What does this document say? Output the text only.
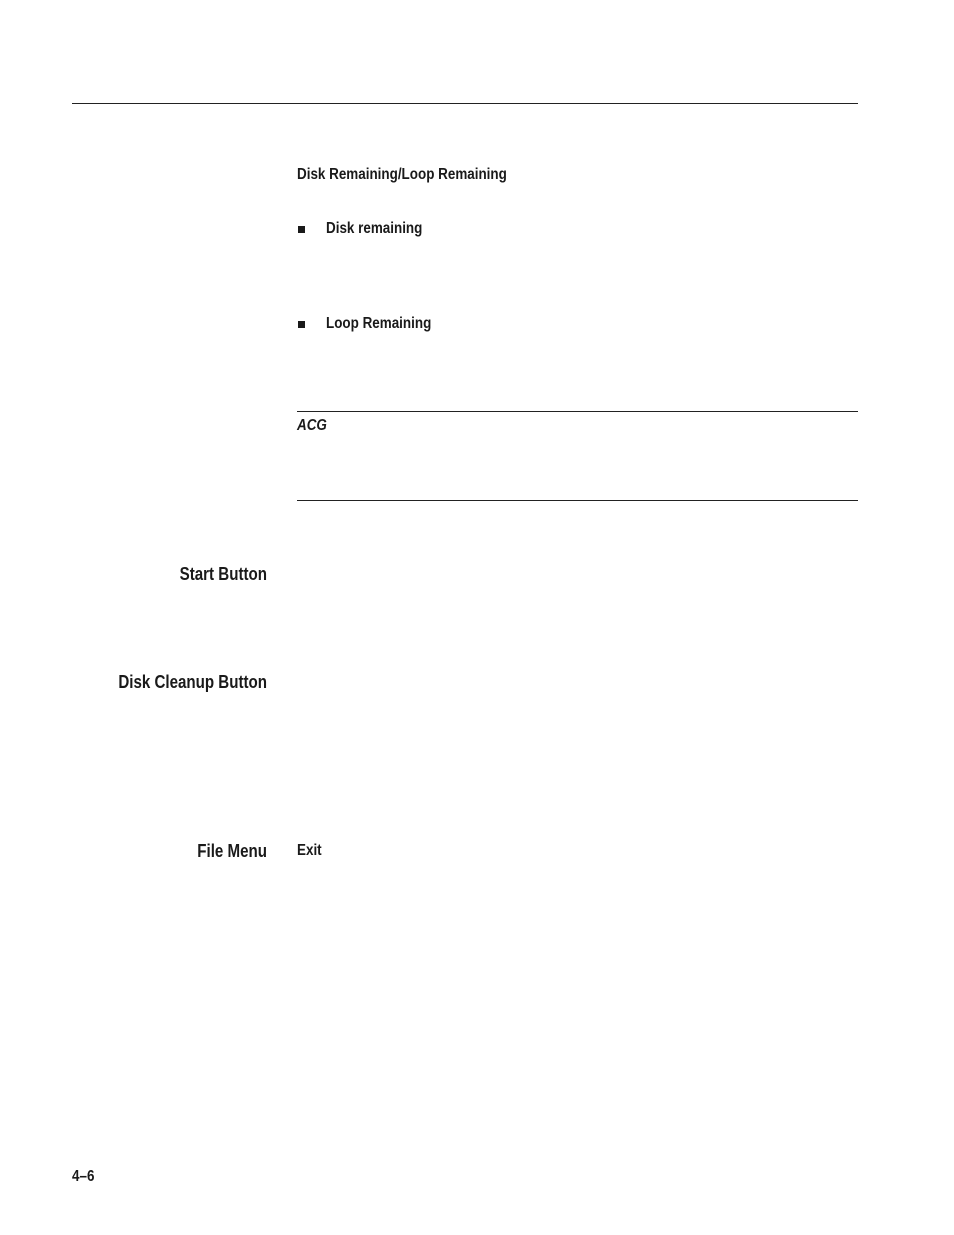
Disk Remaining/Loop Remaining
Disk remaining
Loop Remaining
ACG
Start Button
Disk Cleanup Button
File Menu Exit
4–6
